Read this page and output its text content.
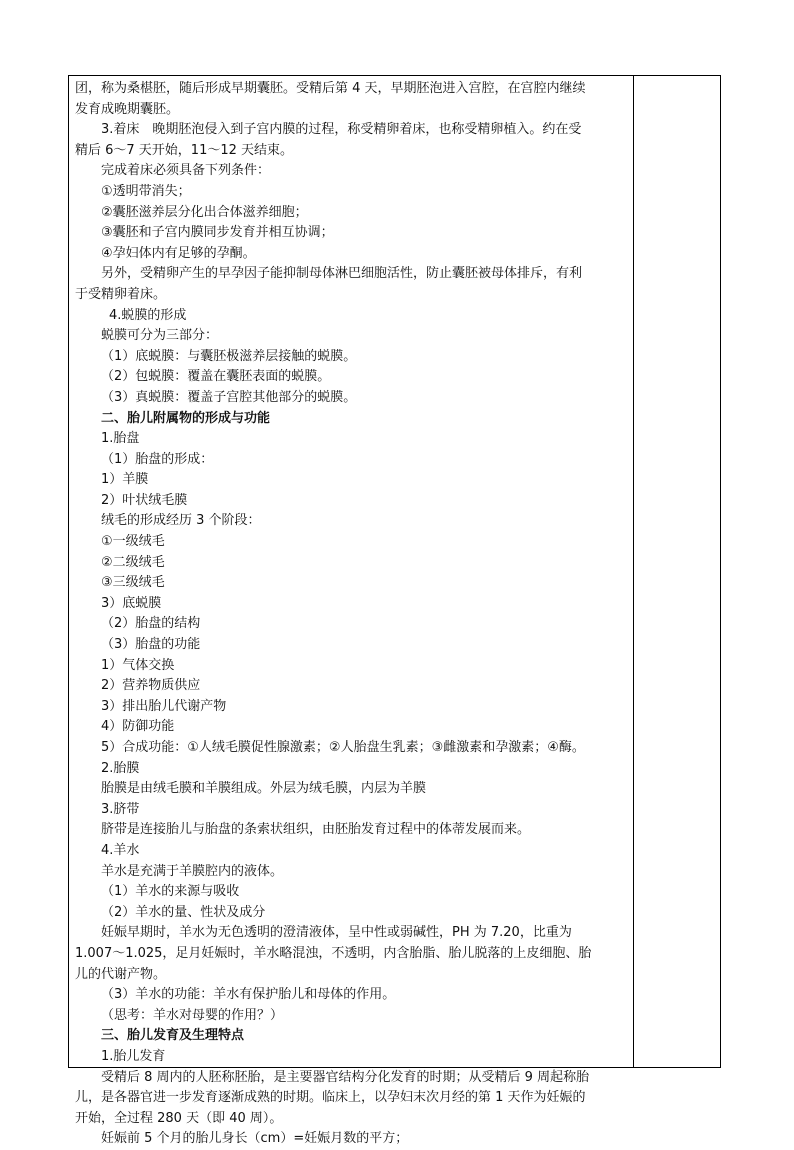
团，称为桑椹胚，随后形成早期囊胚。受精后第 4 天，早期胚泡进入宫腔，在宫腔内继续

发育成晚期囊胚。

3.着床　晚期胚泡侵入到子宫内膜的过程，称受精卵着床，也称受精卵植入。约在受

精后 6～7 天开始，11～12 天结束。

完成着床必须具备下列条件：

①透明带消失；

②囊胚滋养层分化出合体滋养细胞；

③囊胚和子宫内膜同步发育并相互协调；

④孕妇体内有足够的孕酮。

另外，受精卵产生的早孕因子能抑制母体淋巴细胞活性，防止囊胚被母体排斥，有利

于受精卵着床。

4.蜕膜的形成

蜕膜可分为三部分：

（1）底蜕膜：与囊胚极滋养层接触的蜕膜。

（2）包蜕膜：覆盖在囊胚表面的蜕膜。

（3）真蜕膜：覆盖子宫腔其他部分的蜕膜。

二、胎儿附属物的形成与功能

1.胎盘

（1）胎盘的形成：

1）羊膜

2）叶状绒毛膜

绒毛的形成经历 3 个阶段：

①一级绒毛

②二级绒毛

③三级绒毛

3）底蜕膜

（2）胎盘的结构

（3）胎盘的功能

1）气体交换

2）营养物质供应

3）排出胎儿代谢产物

4）防御功能

5）合成功能：①人绒毛膜促性腺激素；②人胎盘生乳素；③雌激素和孕激素；④酶。

2.胎膜

胎膜是由绒毛膜和羊膜组成。外层为绒毛膜，内层为羊膜

3.脐带

脐带是连接胎儿与胎盘的条索状组织，由胚胎发育过程中的体蒂发展而来。

4.羊水

羊水是充满于羊膜腔内的液体。

（1）羊水的来源与吸收

（2）羊水的量、性状及成分

妊娠早期时，羊水为无色透明的澄清液体，呈中性或弱碱性，PH 为 7.20，比重为

1.007～1.025，足月妊娠时，羊水略混浊，不透明，内含胎脂、胎儿脱落的上皮细胞、胎

儿的代谢产物。

（3）羊水的功能：羊水有保护胎儿和母体的作用。

（思考：羊水对母婴的作用？）

三、胎儿发育及生理特点

1.胎儿发育

受精后 8 周内的人胚称胚胎，是主要器官结构分化发育的时期；从受精后 9 周起称胎

儿，是各器官进一步发育逐渐成熟的时期。临床上，以孕妇末次月经的第 1 天作为妊娠的

开始，全过程 280 天（即 40 周）。

妊娠前 5 个月的胎儿身长（cm）=妊娠月数的平方；
